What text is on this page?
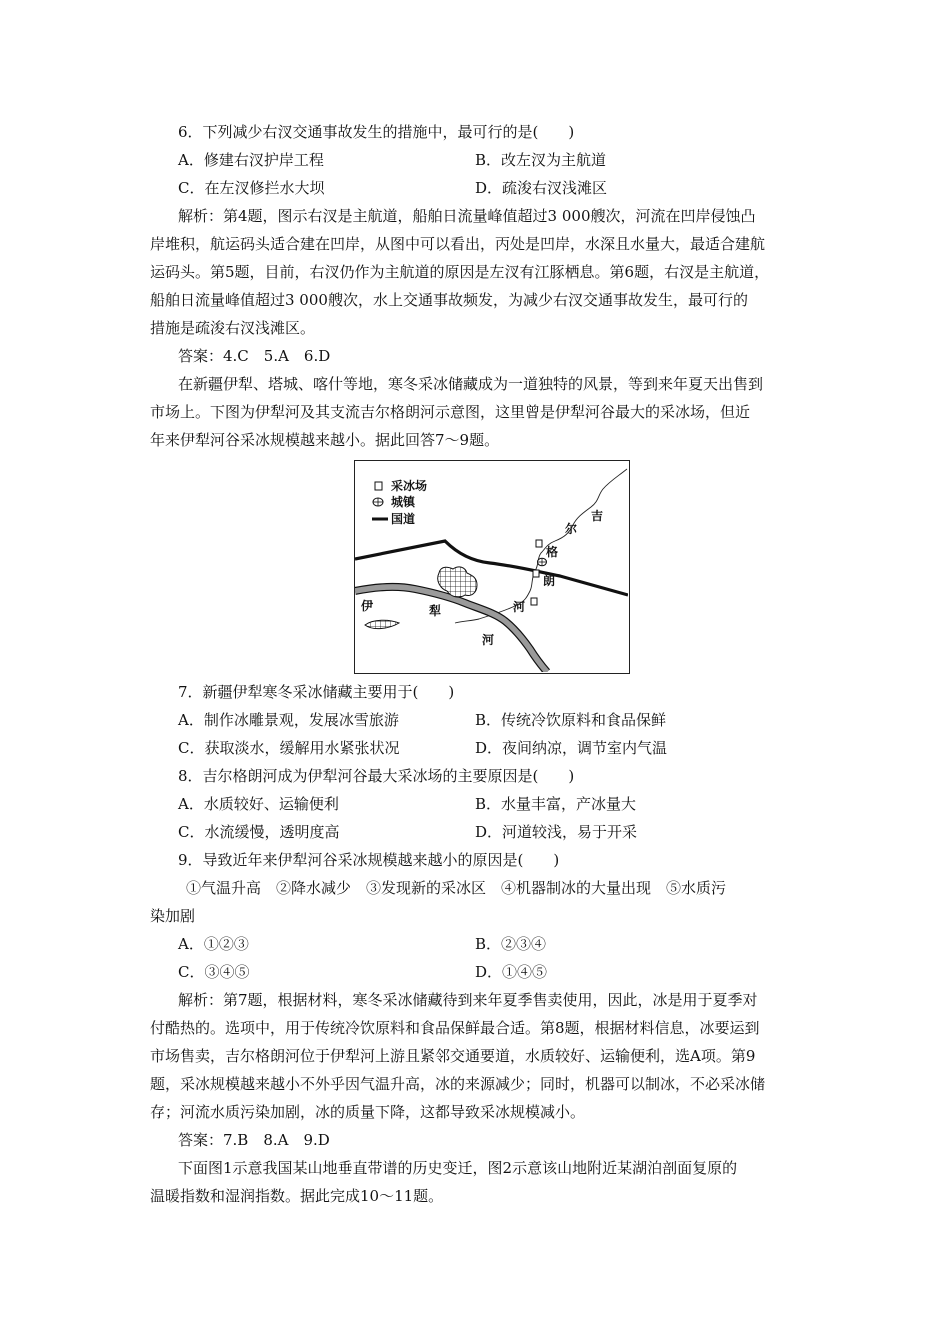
6．下列减少右汊交通事故发生的措施中，最可行的是(　　)
A．修建右汊护岸工程	B．改左汊为主航道
C．在左汊修拦水大坝	D．疏浚右汊浅滩区
解析：第4题，图示右汊是主航道，船舶日流量峰值超过3 000艘次，河流在凹岸侵蚀凸
岸堆积，航运码头适合建在凹岸，从图中可以看出，丙处是凹岸，水深且水量大，最适合建航
运码头。第5题，目前，右汊仍作为主航道的原因是左汊有江豚栖息。第6题，右汊是主航道，
船舶日流量峰值超过3 000艘次，水上交通事故频发，为减少右汊交通事故发生，最可行的
措施是疏浚右汊浅滩区。
答案：4.C　5.A　6.D
在新疆伊犁、塔城、喀什等地，寒冬采冰储藏成为一道独特的风景，等到来年夏天出售到
市场上。下图为伊犁河及其支流吉尔格朗河示意图，这里曾是伊犁河谷最大的采冰场，但近
年来伊犁河谷采冰规模越来越小。据此回答7～9题。
采冰场
城镇
国道	吉
尔
格
朗
河
伊	犁
河
7．新疆伊犁寒冬采冰储藏主要用于(　　)
A．制作冰雕景观，发展冰雪旅游	B．传统冷饮原料和食品保鲜
C．获取淡水，缓解用水紧张状况	D．夜间纳凉，调节室内气温
8．吉尔格朗河成为伊犁河谷最大采冰场的主要原因是(　　)
A．水质较好、运输便利	B．水量丰富，产冰量大
C．水流缓慢，透明度高	D．河道较浅，易于开采
9．导致近年来伊犁河谷采冰规模越来越小的原因是(　　)
①气温升高　②降水减少　③发现新的采冰区　④机器制冰的大量出现　⑤水质污
染加剧
A．①②③	B．②③④
C．③④⑤	D．①④⑤
解析：第7题，根据材料，寒冬采冰储藏待到来年夏季售卖使用，因此，冰是用于夏季对
付酷热的。选项中，用于传统冷饮原料和食品保鲜最合适。第8题，根据材料信息，冰要运到
市场售卖，吉尔格朗河位于伊犁河上游且紧邻交通要道，水质较好、运输便利，选A项。第9
题，采冰规模越来越小不外乎因气温升高，冰的来源减少；同时，机器可以制冰，不必采冰储
存；河流水质污染加剧，冰的质量下降，这都导致采冰规模减小。
答案：7.B　8.A　9.D
下面图1示意我国某山地垂直带谱的历史变迁，图2示意该山地附近某湖泊剖面复原的
温暖指数和湿润指数。据此完成10～11题。
